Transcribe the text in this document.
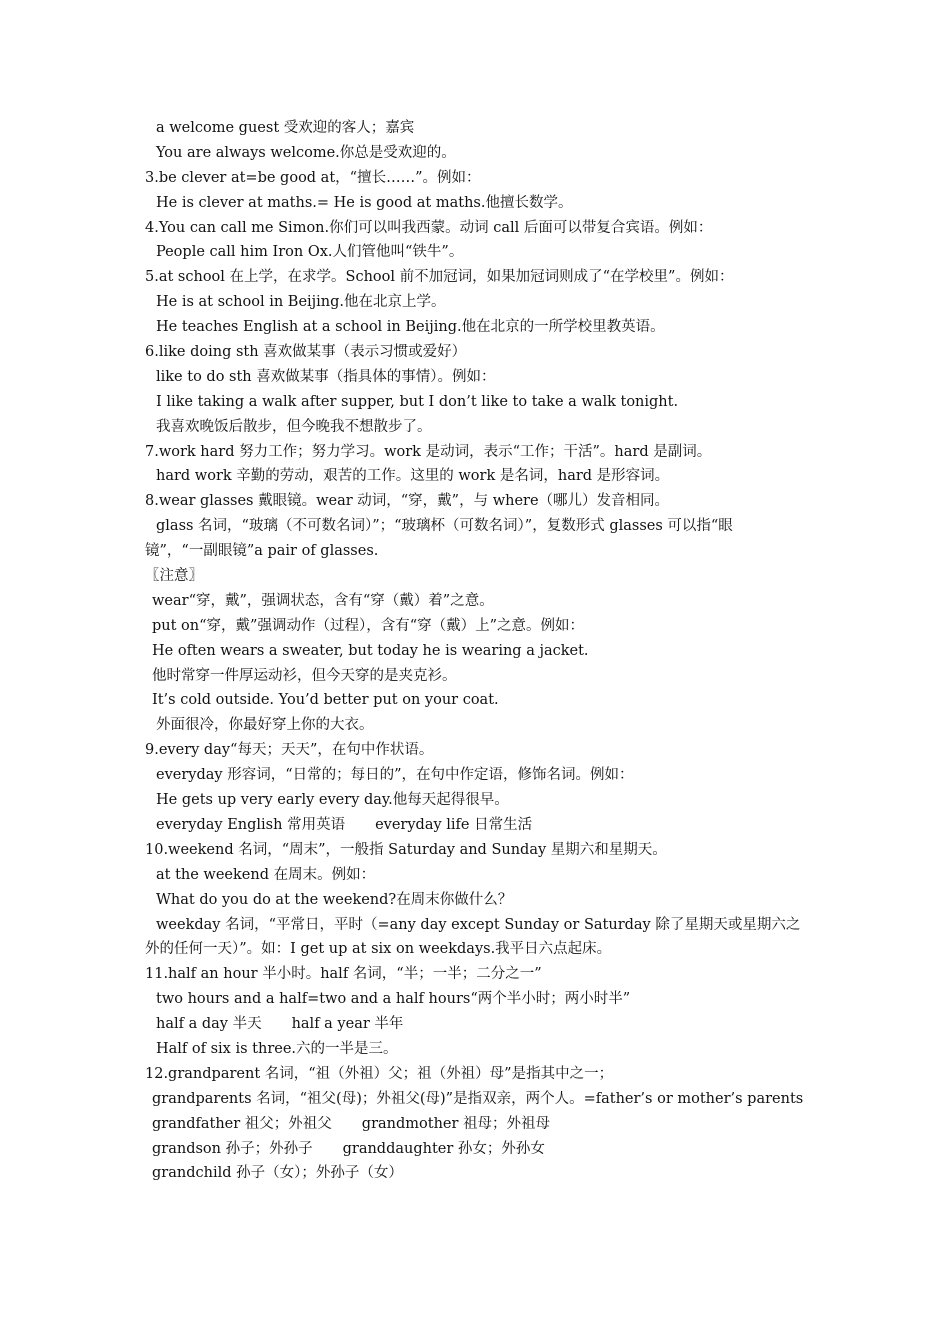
a welcome guest 受欢迎的客人；嘉宾
You are always welcome.你总是受欢迎的。
3.be clever at=be good at，“擅长……”。例如：
He is clever at maths.= He is good at maths.他擅长数学。
4.You can call me Simon.你们可以叫我西蒙。动词 call 后面可以带复合宾语。例如：
People call him Iron Ox.人们管他叫“铁牛”。
5.at school 在上学，在求学。School 前不加冠词，如果加冠词则成了“在学校里”。例如：
He is at school in Beijing.他在北京上学。
He teaches English at a school in Beijing.他在北京的一所学校里教英语。
6.like doing sth 喜欢做某事（表示习惯或爱好）
like to do sth 喜欢做某事（指具体的事情）。例如：
I like taking a walk after supper, but I don’t like to take a walk tonight.
我喜欢晚饭后散步，但今晚我不想散步了。
7.work hard 努力工作；努力学习。work 是动词，表示“工作；干活”。hard 是副词。
hard work 辛勤的劳动，艰苦的工作。这里的 work 是名词，hard 是形容词。
8.wear glasses 戴眼镜。wear 动词，“穿，戴”，与 where（哪儿）发音相同。
glass 名词，“玻璃（不可数名词）”；“玻璃杯（可数名词）”，复数形式 glasses 可以指“眼
镜”，“一副眼镜”a pair of glasses.
〖注意〗
wear“穿，戴”，强调状态，含有“穿（戴）着”之意。
put on“穿，戴”强调动作（过程），含有“穿（戴）上”之意。例如：
He often wears a sweater, but today he is wearing a jacket.
他时常穿一件厚运动衫，但今天穿的是夹克衫。
It’s cold outside. You’d better put on your coat.
外面很冷，你最好穿上你的大衣。
9.every day“每天；天天”，在句中作状语。
everyday 形容词，“日常的；每日的”，在句中作定语，修饰名词。例如：
He gets up very early every day.他每天起得很早。
everyday English 常用英语 everyday life 日常生活
10.weekend 名词，“周末”，一般指 Saturday and Sunday 星期六和星期天。
at the weekend 在周末。例如：
What do you do at the weekend?在周末你做什么？
weekday 名词，“平常日，平时（=any day except Sunday or Saturday 除了星期天或星期六之
外的任何一天）”。如：I get up at six on weekdays.我平日六点起床。
11.half an hour 半小时。half 名词，“半；一半；二分之一”
two hours and a half=two and a half hours“两个半小时；两小时半”
half a day 半天 half a year 半年
Half of six is three.六的一半是三。
12.grandparent 名词，“祖（外祖）父；祖（外祖）母”是指其中之一；
grandparents 名词，“祖父(母)；外祖父(母)”是指双亲，两个人。=father’s or mother’s parents
grandfather 祖父；外祖父 grandmother 祖母；外祖母
grandson 孙子；外孙子 granddaughter 孙女；外孙女
grandchild 孙子（女）；外孙子（女）
